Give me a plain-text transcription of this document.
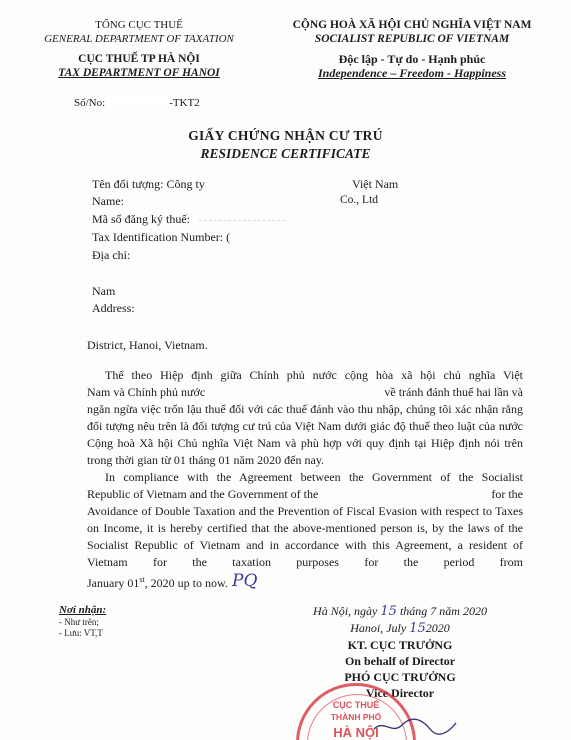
TỔNG CỤC THUẾ
GENERAL DEPARTMENT OF TAXATION
CỤC THUẾ TP HÀ NỘI
TAX DEPARTMENT OF HANOI
Số/No:	-TKT2
CỘNG HOÀ XÃ HỘI CHỦ NGHĨA VIỆT NAM
SOCIALIST REPUBLIC OF VIETNAM
Độc lập - Tự do - Hạnh phúc
Independence – Freedom - Happiness
GIẤY CHỨNG NHẬN CƯ TRÚ
RESIDENCE CERTIFICATE
Tên đối tượng: Công ty	Việt Nam
Name:	Co., Ltd
Mã số đăng ký thuế:
Tax Identification Number: (
Địa chỉ:
Nam
Address:
District, Hanoi, Vietnam.
Thể theo Hiệp định giữa Chính phủ nước cộng hòa xã hội chủ nghĩa Việt
Nam và Chính phủ nước	về tránh đánh thuế hai lần và
ngăn ngừa việc trốn lậu thuế đối với các thuế đánh vào thu nhập, chúng tôi xác nhận rằng đối tượng nêu trên là đối tượng cư trú của Việt Nam dưới giác độ thuế theo luật của nước Cộng hoà Xã hội Chủ nghĩa Việt Nam và phù hợp với quy định tại Hiệp định nói trên trong thời gian từ 01 tháng 01 năm 2020 đến nay.
In compliance with the Agreement between the Government of the Socialist
Republic of Vietnam and the Government of the	for the
Avoidance of Double Taxation and the Prevention of Fiscal Evasion with respect to Taxes on Income, it is hereby certified that the above-mentioned person is, by the laws of the Socialist Republic of Vietnam and in accordance with this Agreement, a resident of Vietnam for the taxation purposes for the period from
January 01st, 2020 up to now. PQ
Nơi nhận:
- Như trên;
- Lưu: VT,T
Hà Nội, ngày 15 tháng 7 năm 2020
Hanoi, July 152020
KT. CỤC TRƯỞNG
On behalf of Director
PHÓ CỤC TRƯỞNG
Vice Director
CỤC THUẾ
THÀNH PHỐ
HÀ NỘI
